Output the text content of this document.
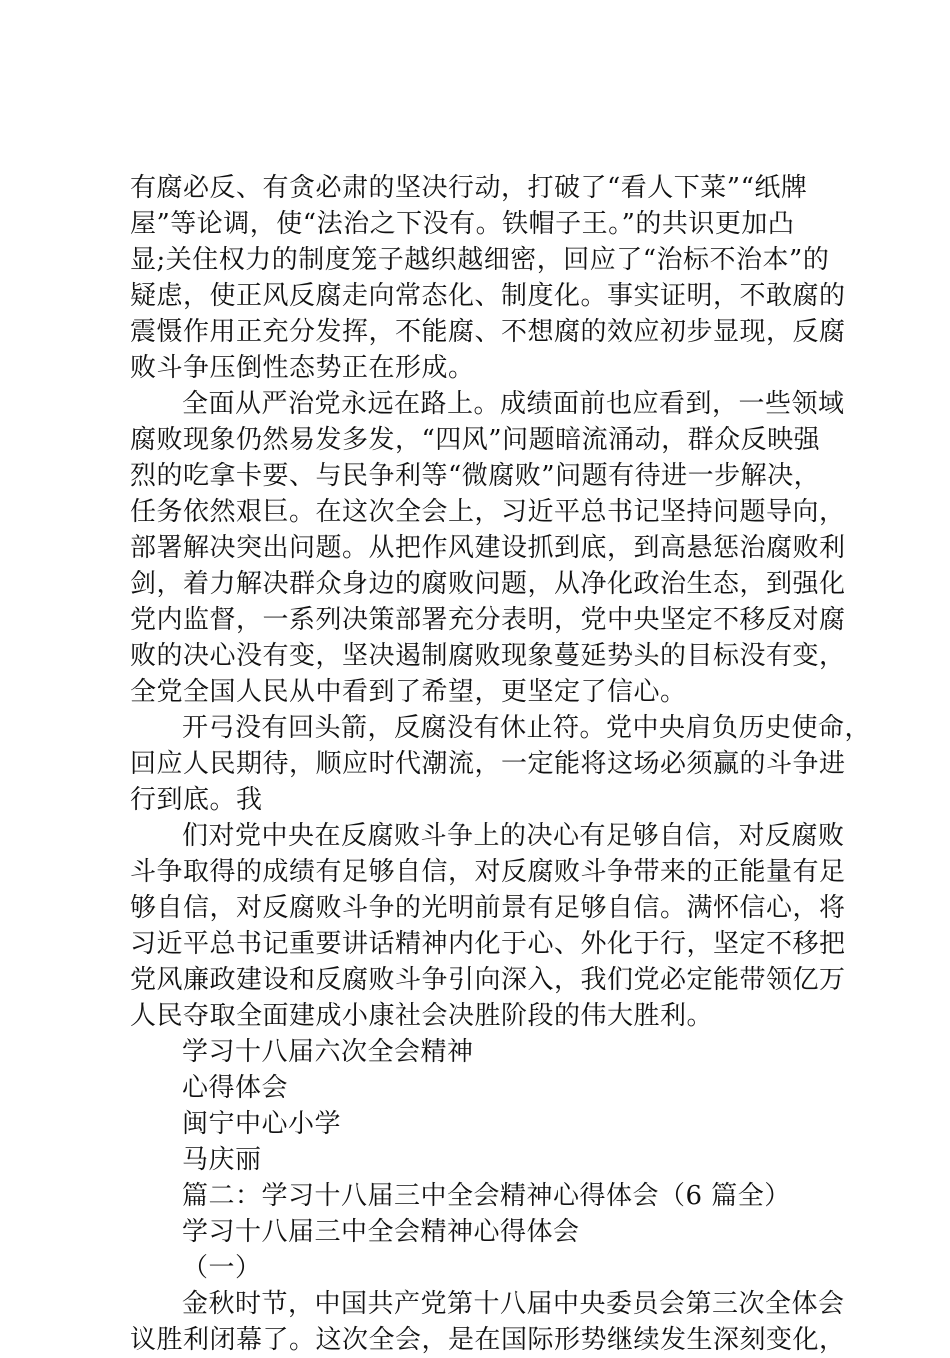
有腐必反、有贪必肃的坚决行动，打破了“看人下菜”“纸牌
屋”等论调，使“法治之下没有。铁帽子王。”的共识更加凸
显;关住权力的制度笼子越织越细密，回应了“治标不治本”的
疑虑，使正风反腐走向常态化、制度化。事实证明，不敢腐的
震慑作用正充分发挥，不能腐、不想腐的效应初步显现，反腐
败斗争压倒性态势正在形成。
全面从严治党永远在路上。成绩面前也应看到，一些领域
腐败现象仍然易发多发，“四风”问题暗流涌动，群众反映强
烈的吃拿卡要、与民争利等“微腐败”问题有待进一步解决，
任务依然艰巨。在这次全会上，习近平总书记坚持问题导向，
部署解决突出问题。从把作风建设抓到底，到高悬惩治腐败利
剑，着力解决群众身边的腐败问题，从净化政治生态，到强化
党内监督，一系列决策部署充分表明，党中央坚定不移反对腐
败的决心没有变，坚决遏制腐败现象蔓延势头的目标没有变，
全党全国人民从中看到了希望，更坚定了信心。
开弓没有回头箭，反腐没有休止符。党中央肩负历史使命，
回应人民期待，顺应时代潮流，一定能将这场必须赢的斗争进
行到底。我
们对党中央在反腐败斗争上的决心有足够自信，对反腐败
斗争取得的成绩有足够自信，对反腐败斗争带来的正能量有足
够自信，对反腐败斗争的光明前景有足够自信。满怀信心，将
习近平总书记重要讲话精神内化于心、外化于行，坚定不移把
党风廉政建设和反腐败斗争引向深入，我们党必定能带领亿万
人民夺取全面建成小康社会决胜阶段的伟大胜利。
学习十八届六次全会精神
心得体会
闽宁中心小学
马庆丽
篇二：学习十八届三中全会精神心得体会（6 篇全）
学习十八届三中全会精神心得体会
（一）
金秋时节，中国共产党第十八届中央委员会第三次全体会
议胜利闭幕了。这次全会，是在国际形势继续发生深刻变化，
